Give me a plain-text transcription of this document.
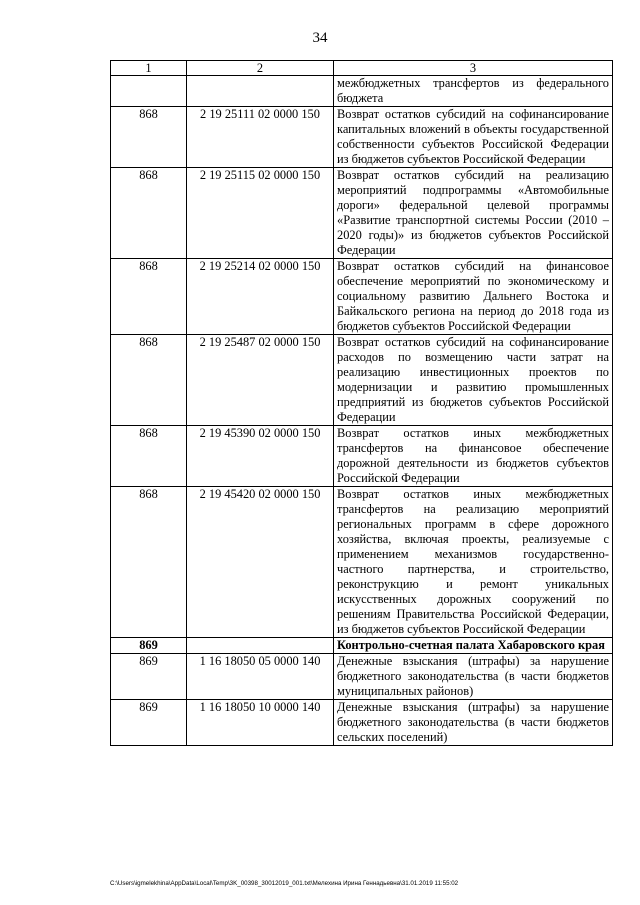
34
1	2	3
		межбюджетных трансфертов из федерального бюджета
868	2 19 25111 02 0000 150	Возврат остатков субсидий на софинансирование капитальных вложений в объекты государственной собственности субъектов Российской Федерации из бюджетов субъектов Российской Федерации
868	2 19 25115 02 0000 150	Возврат остатков субсидий на реализацию мероприятий подпрограммы «Автомобильные дороги» федеральной целевой программы «Развитие транспортной системы России (2010 – 2020 годы)» из бюджетов субъектов Российской Федерации
868	2 19 25214 02 0000 150	Возврат остатков субсидий на финансовое обеспечение мероприятий по экономическому и социальному развитию Дальнего Востока и Байкальского региона на период до 2018 года из бюджетов субъектов Российской Федерации
868	2 19 25487 02 0000 150	Возврат остатков субсидий на софинансирование расходов по возмещению части затрат на реализацию инвестиционных проектов по модернизации и развитию промышленных предприятий из бюджетов субъектов Российской Федерации
868	2 19 45390 02 0000 150	Возврат остатков иных межбюджетных трансфертов на финансовое обеспечение дорожной деятельности из бюджетов субъектов Российской Федерации
868	2 19 45420 02 0000 150	Возврат остатков иных межбюджетных трансфертов на реализацию мероприятий региональных программ в сфере дорожного хозяйства, включая проекты, реализуемые с применением механизмов государственно-частного партнерства, и строительство, реконструкцию и ремонт уникальных искусственных дорожных сооружений по решениям Правительства Российской Федерации, из бюджетов субъектов Российской Федерации
869		Контрольно-счетная палата Хабаровского края
869	1 16 18050 05 0000 140	Денежные взыскания (штрафы) за нарушение бюджетного законодательства (в части бюджетов муниципальных районов)
869	1 16 18050 10 0000 140	Денежные взыскания (штрафы) за нарушение бюджетного законодательства (в части бюджетов сельских поселений)
C:\Users\igmelekhina\AppData\Local\Temp\3K_00398_30012019_001.txt\Мелехина Ирина Геннадьевна\31.01.2019 11:55:02
